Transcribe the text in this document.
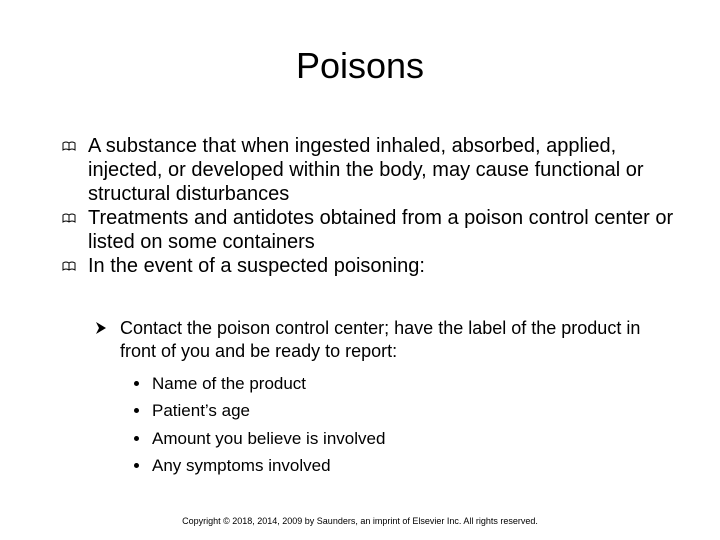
Poisons
A substance that when ingested inhaled, absorbed, applied, injected, or developed within the body, may cause functional or structural disturbances
Treatments and antidotes obtained from a poison control center or listed on some containers
In the event of a suspected poisoning:
Contact the poison control center; have the label of the product in front of you and be ready to report:
Name of the product
Patient’s age
Amount you believe is involved
Any symptoms involved
Copyright © 2018, 2014, 2009 by Saunders, an imprint of Elsevier Inc. All rights reserved.
